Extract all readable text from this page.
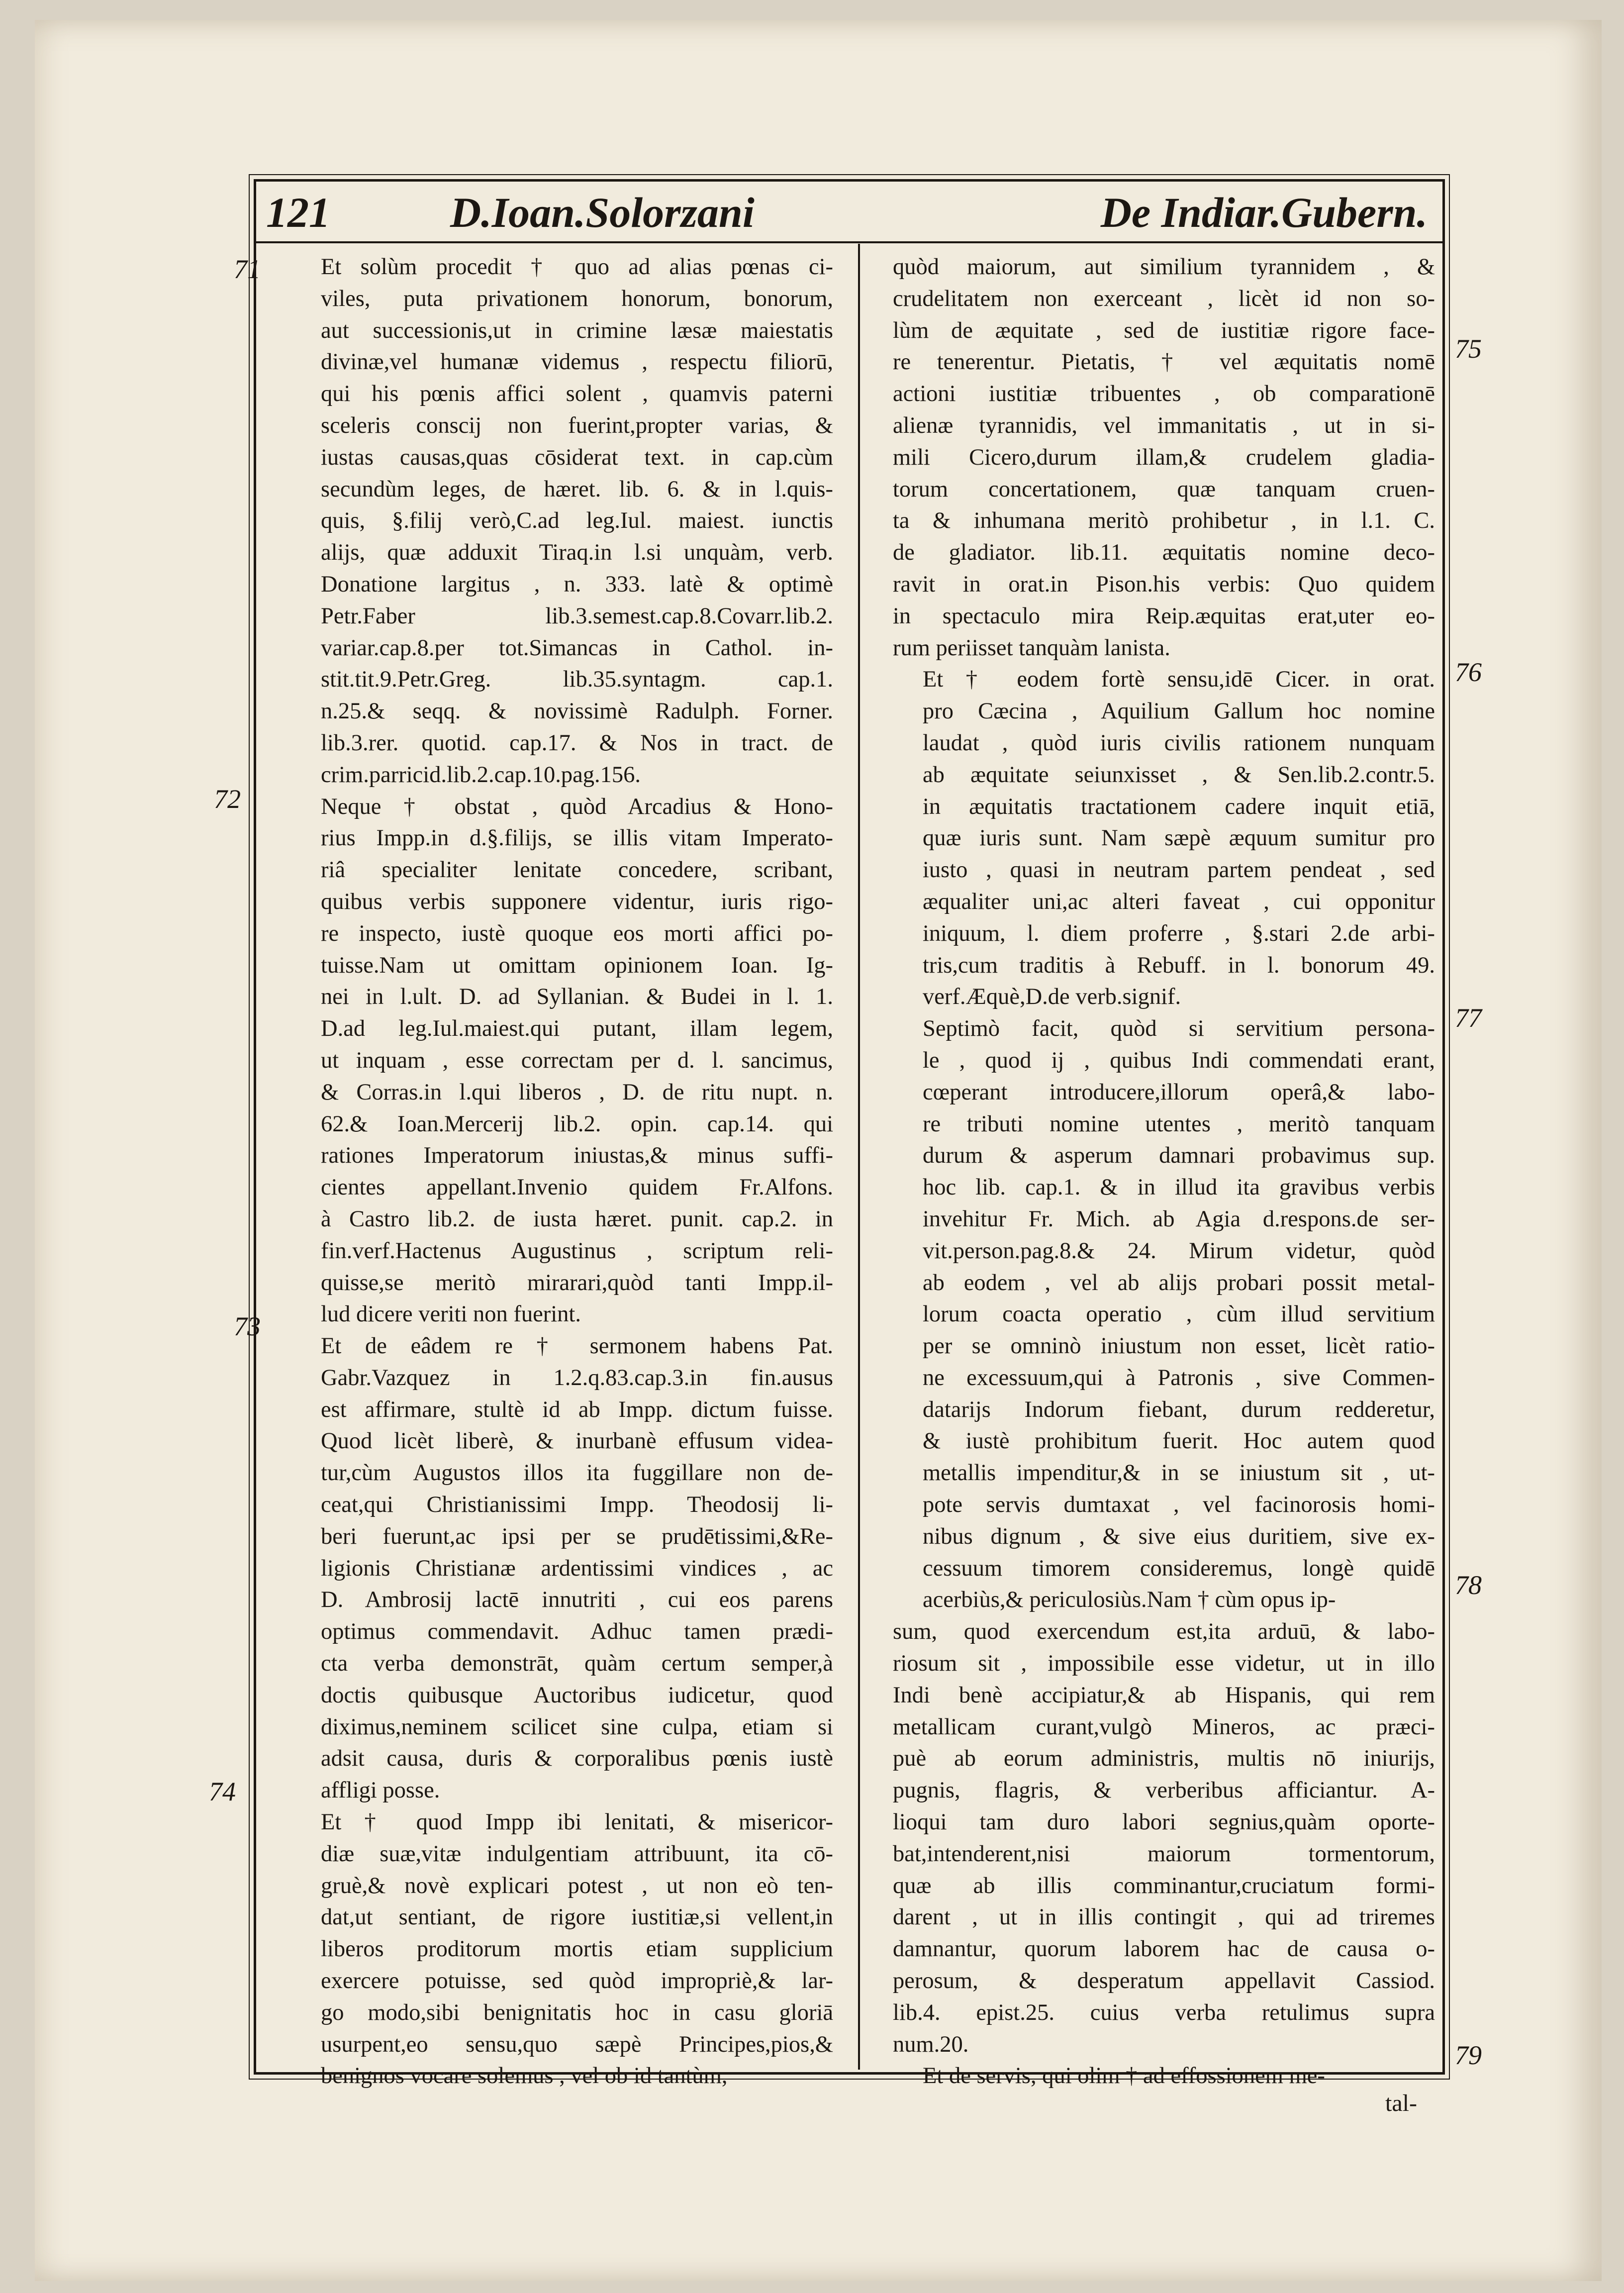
121	D.Ioan.Solorzani	De Indiar.Gubern.
Et solùm procedit † quo ad alias pœnas ci-
viles, puta privationem honorum, bonorum,
aut successionis,ut in crimine læsæ maiestatis
divinæ,vel humanæ videmus , respectu filiorū,
qui his pœnis affici solent , quamvis paterni
sceleris conscij non fuerint,propter varias, &
iustas causas,quas cōsiderat text. in cap.cùm
secundùm leges, de hæret. lib. 6. & in l.quis-
quis, §.filij verò,C.ad leg.Iul. maiest. iunctis
alijs, quæ adduxit Tiraq.in l.si unquàm, verb.
Donatione largitus , n. 333. latè & optimè
Petr.Faber lib.3.semest.cap.8.Covarr.lib.2.
variar.cap.8.per tot.Simancas in Cathol. in-
stit.tit.9.Petr.Greg. lib.35.syntagm. cap.1.
n.25.& seqq. & novissimè Radulph. Forner.
lib.3.rer. quotid. cap.17. & Nos in tract. de
crim.parricid.lib.2.cap.10.pag.156.
Neque † obstat , quòd Arcadius & Hono-
rius Impp.in d.§.filijs, se illis vitam Imperato-
riâ specialiter lenitate concedere, scribant,
quibus verbis supponere videntur, iuris rigo-
re inspecto, iustè quoque eos morti affici po-
tuisse.Nam ut omittam opinionem Ioan. Ig-
nei in l.ult. D. ad Syllanian. & Budei in l. 1.
D.ad leg.Iul.maiest.qui putant, illam legem,
ut inquam , esse correctam per d. l. sancimus,
& Corras.in l.qui liberos , D. de ritu nupt. n.
62.& Ioan.Mercerij lib.2. opin. cap.14. qui
rationes Imperatorum iniustas,& minus suffi-
cientes appellant.Invenio quidem Fr.Alfons.
à Castro lib.2. de iusta hæret. punit. cap.2. in
fin.verf.Hactenus Augustinus , scriptum reli-
quisse,se meritò mirarari,quòd tanti Impp.il-
lud dicere veriti non fuerint.
Et de eâdem re † sermonem habens Pat.
Gabr.Vazquez in 1.2.q.83.cap.3.in fin.ausus
est affirmare, stultè id ab Impp. dictum fuisse.
Quod licèt liberè, & inurbanè effusum videa-
tur,cùm Augustos illos ita fuggillare non de-
ceat,qui Christianissimi Impp. Theodosij li-
beri fuerunt,ac ipsi per se prudētissimi,&Re-
ligionis Christianæ ardentissimi vindices , ac
D. Ambrosij lactē innutriti , cui eos parens
optimus commendavit. Adhuc tamen prædi-
cta verba demonstrāt, quàm certum semper,à
doctis quibusque Auctoribus iudicetur, quod
diximus,neminem scilicet sine culpa, etiam si
adsit causa, duris & corporalibus pœnis iustè
affligi posse.
Et † quod Impp ibi lenitati, & misericor-
diæ suæ,vitæ indulgentiam attribuunt, ita cō-
gruè,& novè explicari potest , ut non eò ten-
dat,ut sentiant, de rigore iustitiæ,si vellent,in
liberos proditorum mortis etiam supplicium
exercere potuisse, sed quòd impropriè,& lar-
go modo,sibi benignitatis hoc in casu gloriā
usurpent,eo sensu,quo sæpè Principes,pios,&
benignos vocare solemus , vel ob id tantùm,
quòd maiorum, aut similium tyrannidem , &
crudelitatem non exerceant , licèt id non so-
lùm de æquitate , sed de iustitiæ rigore face-
re tenerentur. Pietatis, † vel æquitatis nomē
actioni iustitiæ tribuentes , ob comparationē
alienæ tyrannidis, vel immanitatis , ut in si-
mili Cicero,durum illam,& crudelem gladia-
torum concertationem, quæ tanquam cruen-
ta & inhumana meritò prohibetur , in l.1. C.
de gladiator. lib.11. æquitatis nomine deco-
ravit in orat.in Pison.his verbis: Quo quidem
in spectaculo mira Reip.æquitas erat,uter eo-
rum periisset tanquàm lanista.
Et † eodem fortè sensu,idē Cicer. in orat.
pro Cæcina , Aquilium Gallum hoc nomine
laudat , quòd iuris civilis rationem nunquam
ab æquitate seiunxisset , & Sen.lib.2.contr.5.
in æquitatis tractationem cadere inquit etiā,
quæ iuris sunt. Nam sæpè æquum sumitur pro
iusto , quasi in neutram partem pendeat , sed
æqualiter uni,ac alteri faveat , cui opponitur
iniquum, l. diem proferre , §.stari 2.de arbi-
tris,cum traditis à Rebuff. in l. bonorum 49.
verf.Æquè,D.de verb.signif.
Septimò facit, quòd si servitium persona-
le , quod ij , quibus Indi commendati erant,
cœperant introducere,illorum operâ,& labo-
re tributi nomine utentes , meritò tanquam
durum & asperum damnari probavimus sup.
hoc lib. cap.1. & in illud ita gravibus verbis
invehitur Fr. Mich. ab Agia d.respons.de ser-
vit.person.pag.8.& 24. Mirum videtur, quòd
ab eodem , vel ab alijs probari possit metal-
lorum coacta operatio , cùm illud servitium
per se omninò iniustum non esset, licèt ratio-
ne excessuum,qui à Patronis , sive Commen-
datarijs Indorum fiebant, durum redderetur,
& iustè prohibitum fuerit. Hoc autem quod
metallis impenditur,& in se iniustum sit , ut-
pote servis dumtaxat , vel facinorosis homi-
nibus dignum , & sive eius duritiem, sive ex-
cessuum timorem consideremus, longè quidē
acerbiùs,& periculosiùs.Nam † cùm opus ip-
sum, quod exercendum est,ita arduū, & labo-
riosum sit , impossibile esse videtur, ut in illo
Indi benè accipiatur,& ab Hispanis, qui rem
metallicam curant,vulgò Mineros, ac præci-
puè ab eorum administris, multis nō iniurijs,
pugnis, flagris, & verberibus afficiantur. A-
lioqui tam duro labori segnius,quàm oporte-
bat,intenderent,nisi maiorum tormentorum,
quæ ab illis comminantur,cruciatum formi-
darent , ut in illis contingit , qui ad triremes
damnantur, quorum laborem hac de causa o-
perosum, & desperatum appellavit Cassiod.
lib.4. epist.25. cuius verba retulimus supra
num.20.
Et de servis, qui olim † ad effossionem me-
71
72
73
74
75
76
77
78
79
tal-
